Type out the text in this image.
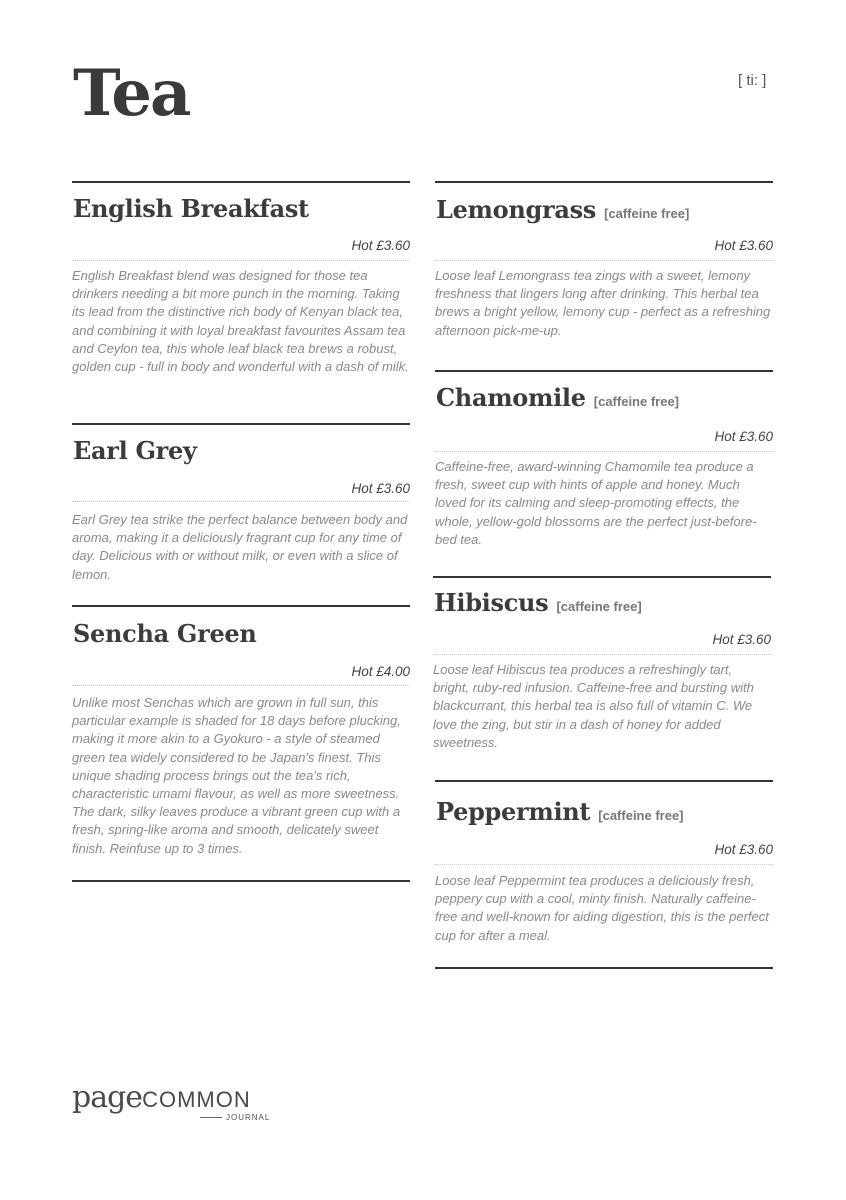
Tea	[ ti: ]
English Breakfast
Hot £3.60

English Breakfast blend was designed for those tea drinkers needing a bit more punch in the morning. Taking its lead from the distinctive rich body of Kenyan black tea, and combining it with loyal breakfast favourites Assam tea and Ceylon tea, this whole leaf black tea brews a robust, golden cup - full in body and wonderful with a dash of milk.

Earl Grey
Hot £3.60

Earl Grey tea strike the perfect balance between body and aroma, making it a deliciously fragrant cup for any time of day. Delicious with or without milk, or even with a slice of lemon.

Sencha Green
Hot £4.00

Unlike most Senchas which are grown in full sun, this particular example is shaded for 18 days before plucking, making it more akin to a Gyokuro - a style of steamed green tea widely considered to be Japan's finest. This unique shading process brings out the tea's rich, characteristic umami flavour, as well as more sweetness. The dark, silky leaves produce a vibrant green cup with a fresh, spring-like aroma and smooth, delicately sweet finish. Reinfuse up to 3 times.

Lemongrass [caffeine free]
Hot £3.60

Loose leaf Lemongrass tea zings with a sweet, lemony freshness that lingers long after drinking. This herbal tea brews a bright yellow, lemony cup - perfect as a refreshing afternoon pick-me-up.

Chamomile [caffeine free]
Hot £3.60

Caffeine-free, award-winning Chamomile tea produce a fresh, sweet cup with hints of apple and honey. Much loved for its calming and sleep-promoting effects, the whole, yellow-gold blossoms are the perfect just-before-bed tea.

Hibiscus [caffeine free]
Hot £3.60

Loose leaf Hibiscus tea produces a refreshingly tart, bright, ruby-red infusion. Caffeine-free and bursting with blackcurrant, this herbal tea is also full of vitamin C. We love the zing, but stir in a dash of honey for added sweetness.

Peppermint [caffeine free]
Hot £3.60

Loose leaf Peppermint tea produces a deliciously fresh, peppery cup with a cool, minty finish. Naturally caffeine-free and well-known for aiding digestion, this is the perfect cup for after a meal.

pageCOMMON
JOURNAL
